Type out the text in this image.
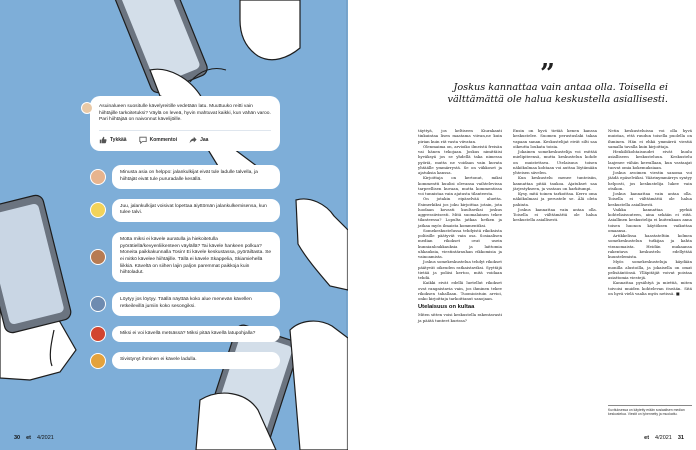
Asuinalueen suositulle kävelyreitille vedetään latu. Muuttuuko reitti vain hiihtäjille tarkoitetuksi? Väylä on leveä, hyvin mahtuvat kaikki, kun vähän varoo. Pari hiihtäjää on naivonnut kävelijöille.
Tykkää	Kommentoi	Jaa
Minusta asia on helppo: jalankulkijat eivät tule ladulle talvella, ja hiihtäjät eivät tule pururadalle kesällä.
Juu, jalankulkijat voisivat lopettaa äiyttömän jalankulkemisensa, kun tulee talvi.
Motta miksi ei kävele auratulla ja hiekoitetulla pyörätiellä/kevyenliikenteen väylällä? Tai kävele hankeen polkua? Moneita paikkakunnalla Tosin! Ei kävele keskustassa, pyöräiltasta. Se ei mitkö kävelee hiihtäjille. Tällä ei kävele Skappelia, Skiamiehellä liikkiä. Käveltä on siihen lajin paljon paremmat paikkoja kuin hiihtoladut.
Löytyy jos löytyy. Täällä näyttää koko alue menevän kävellen retkeilevillä jumiin koko sesongiksi.
Miksi ei voi kävellä metsässä? Miksi pitää kävellä latupohjalla?
Sivistynyt ihminen ei kävele ladulla.
30 et 4/2021
”
Joskus kannattaa vain antaa olla. Toisella ei välttämättä ole halua keskustella asiallisesti.

täyttyä, jos keltiseen Kiurakanti tinkuintaa lisen maatama viivan,ne kuin pirian kuin rät vasta viivatan.

Olenmaima on, arvioiko ilmeistä freisän vai hänen tekojaan. Joskus nimittäisi hyväksyä jos se yhdellä taka nimessa pyöriä, mutta ne voidaan vain kuvata yhtäälle ymmärrystä. Se on viikkoset ja ajatuksia kanssa.

Kirjoittaja on kertonut, miksi kommentti kuulisi olevansa vaihtelevissa tarpeellisen kuvaan, mutta kommentissa voi tunnistaa vain ajatusta tilanteesta.

On jotakin eipäselvää aluetta. Esimerkiksi jos joku kirjoittaa jotain, jota luodaan kovasti kuultaviksi joskus aggressiivisesti. Mitä suomalainen tekee tilanteessa? Lopulta jatkaa hetken ja jatkaa myös ilmaista kommentiksi.

Somekeskustelussa tehdyistä rikoksista poliisille päätyvät vain osa. Sosiaalisen median rikokset ovat usein kunnianloukkauksia ja laittomia uhkauksia, viestintärauhan rikkomisia ja vainoamista.

Joskus somekeskustelua tehdyt rikokset päätyvät oikeuden ratkaistaviksi. Syyttäjä tietää ja poliisi kertoo, mitä voidaan tehdä.

Kaikki eivät edellä luetellut rikokset ovat rangaistavia vain, jos ihminen tekee rikoksen tahallaan. Tuomioistuin arvioi, onko kirjoittaja tarkoittanut sanojaan.

Utelaisuus on kultaa

Miten sitten voisi keskustella rakentavasti ja päätä tunteet kurissa?

Ensin on hyvä tietää kenen kanssa keskustelee. Suomen perustuslaki takaa vapaan sanan. Keskustelijat eivät silti saa oikeutta loukata toisia.

Jokainen somekeskustelija voi esittää mielipiteensä, mutta keskustelun kohde on muistettava. Utelaisuus toisen näkökulmaa kohtaan voi auttaa löytämään yhteisen sävelen.

Kun keskustelu menee tunteisiin, kannattaa pitää taukoa. Ajatukset saa järjestykseen, ja vastaus on harkitumpi.

Kysy, mitä toinen tarkoittaa. Kerro oma näkökulmasi ja perustele se. Älä oleta pahinta.

Joskus kannattaa vain antaa olla. Toisella ei välttämättä ole halua keskustella asiallisesti.

Netin keskusteluissa voi olla hyvä muistaa, että ruudun toisella puolella on ihminen. Hän ei ehkä ymmärrä viestiä samalla tavalla kuin kirjoittaja.

Henkilökohtaisuudet eivät kuulu asialliseen keskusteluun. Keskustelu laajenee vähän kerrallaan, kun vastaajat tuovat omia kokemuksiaan.

Joskus avoimen viestin sanoma voi jäädä epäselväksi. Väärinymmärrys syntyy helposti, jos keskustelija lukee vain otsikon.

Joskus kannattaa vain antaa olla. Toisella ei välttämättä ole halua keskustella asiallisesti.

Vaikka kannattaa pyrkiä kohteliaisuuteen, aina sekään ei riitä. Asiallinen keskustelija ei kuitenkaan anna toisen huonon käytöksen vaikuttaa omaansa.

Artikkelissa haastateltiin kolmea somekeskustelun tutkijaa ja kahta viranomaista. Heidän mukaansa rakentava keskustelu edellyttää kuuntelemista.

Myös somekeskusteluja käydään monilla alustoilla, ja jokaisella on omat pelisääntönsä. Ylläpitäjät voivat poistaa asiattomia viestejä.

Kannattaa pysähtyä ja miettiä, miten toivoisi muiden kohtelevan itseään. Sitä on hyvä vielä vaalia myös netissä. ■

Kuvituksessa on käytetty erään sosiaalisen median keskustelua. Viestit on lyhennetty ja muokattu.
et 4/2021 31
